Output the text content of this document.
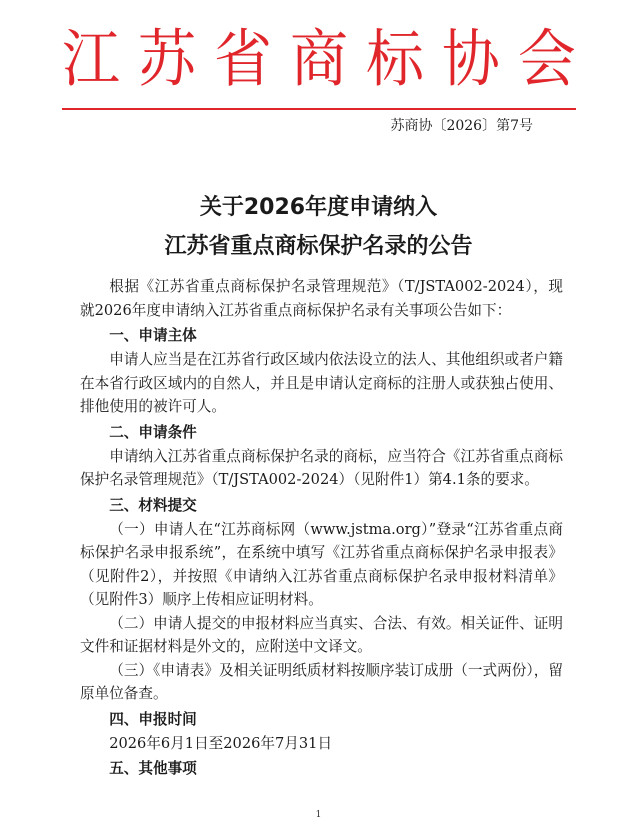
江 苏 省 商 标 协 会
苏商协〔2026〕第7号
关于2026年度申请纳入
江苏省重点商标保护名录的公告

根据《江苏省重点商标保护名录管理规范》（T/JSTA002-2024），现就2026年度申请纳入江苏省重点商标保护名录有关事项公告如下：

一、申请主体

申请人应当是在江苏省行政区域内依法设立的法人、其他组织或者户籍在本省行政区域内的自然人，并且是申请认定商标的注册人或获独占使用、排他使用的被许可人。

二、申请条件

申请纳入江苏省重点商标保护名录的商标，应当符合《江苏省重点商标保护名录管理规范》（T/JSTA002-2024）（见附件1）第4.1条的要求。

三、材料提交

（一）申请人在“江苏商标网（www.jstma.org）”登录“江苏省重点商标保护名录申报系统”，在系统中填写《江苏省重点商标保护名录申报表》（见附件2），并按照《申请纳入江苏省重点商标保护名录申报材料清单》（见附件3）顺序上传相应证明材料。

（二）申请人提交的申报材料应当真实、合法、有效。相关证件、证明文件和证据材料是外文的，应附送中文译文。

（三）《申请表》及相关证明纸质材料按顺序装订成册（一式两份），留原单位备查。

四、申报时间

2026年6月1日至2026年7月31日

五、其他事项
1
